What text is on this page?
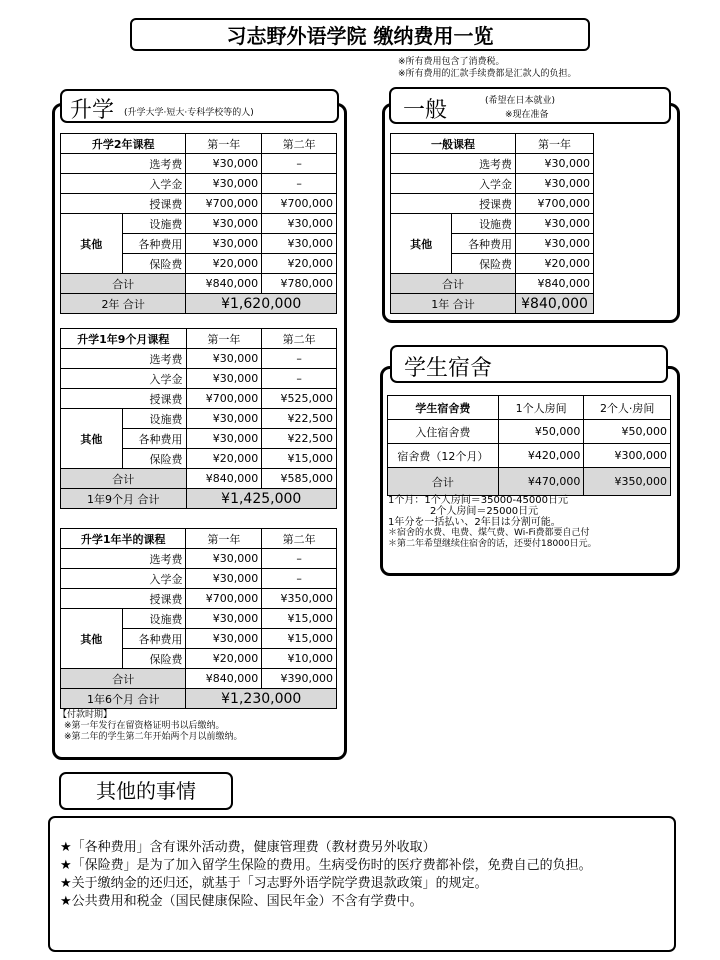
习志野外语学院 缴纳费用一览
※所有费用包含了消费税。
※所有费用的汇款手续费都是汇款人的负担。
升学 (升学大学·短大·专科学校等的人)
升学2年课程		第一年	第二年
选考费		¥30,000	–
入学金		¥30,000	–
授课费		¥700,000	¥700,000
其他	设施费	¥30,000	¥30,000
	各种费用	¥30,000	¥30,000
	保险费	¥20,000	¥20,000
合计		¥840,000	¥780,000
2年 合计		¥1,620,000	
升学1年9个月课程		第一年	第二年
选考费		¥30,000	–
入学金		¥30,000	–
授课费		¥700,000	¥525,000
其他	设施费	¥30,000	¥22,500
	各种费用	¥30,000	¥22,500
	保险费	¥20,000	¥15,000
合计		¥840,000	¥585,000
1年9个月 合计		¥1,425,000	
升学1年半的课程		第一年	第二年
选考费		¥30,000	–
入学金		¥30,000	–
授课费		¥700,000	¥350,000
其他	设施费	¥30,000	¥15,000
	各种费用	¥30,000	¥15,000
	保险费	¥20,000	¥10,000
合计		¥840,000	¥390,000
1年6个月 合计		¥1,230,000	
【付款时期】
※第一年发行在留资格证明书以后缴纳。
※第二年的学生第二年开始两个月以前缴纳。
一般	(希望在日本就业)
※现在准备
一般课程		第一年
选考费		¥30,000
入学金		¥30,000
授课费		¥700,000
其他	设施费	¥30,000
	各种费用	¥30,000
	保险费	¥20,000
合计		¥840,000
1年 合计		¥840,000
学生宿舍
学生宿舍费	1个人房间	2个人·房间
入住宿舍费	¥50,000	¥50,000
宿舍费（12个月）	¥420,000	¥300,000
合计	¥470,000	¥350,000
1个月：1个人房间＝35000-45000日元
2个人房间＝25000日元
1年分を一括払い、2年目は分割可能。
＊宿舍的水费、电费、煤气费、Wi-Fi费都要自己付
＊第二年希望继续住宿舍的话，还要付18000日元。
★「各种费用」含有课外活动费，健康管理费（教材费另外收取）
★「保险费」是为了加入留学生保险的费用。生病受伤时的医疗费都补偿，免费自己的负担。
★关于缴纳金的还归还，就基于「习志野外语学院学费退款政策」的规定。
★公共费用和税金（国民健康保险、国民年金）不含有学费中。
其他的事情
